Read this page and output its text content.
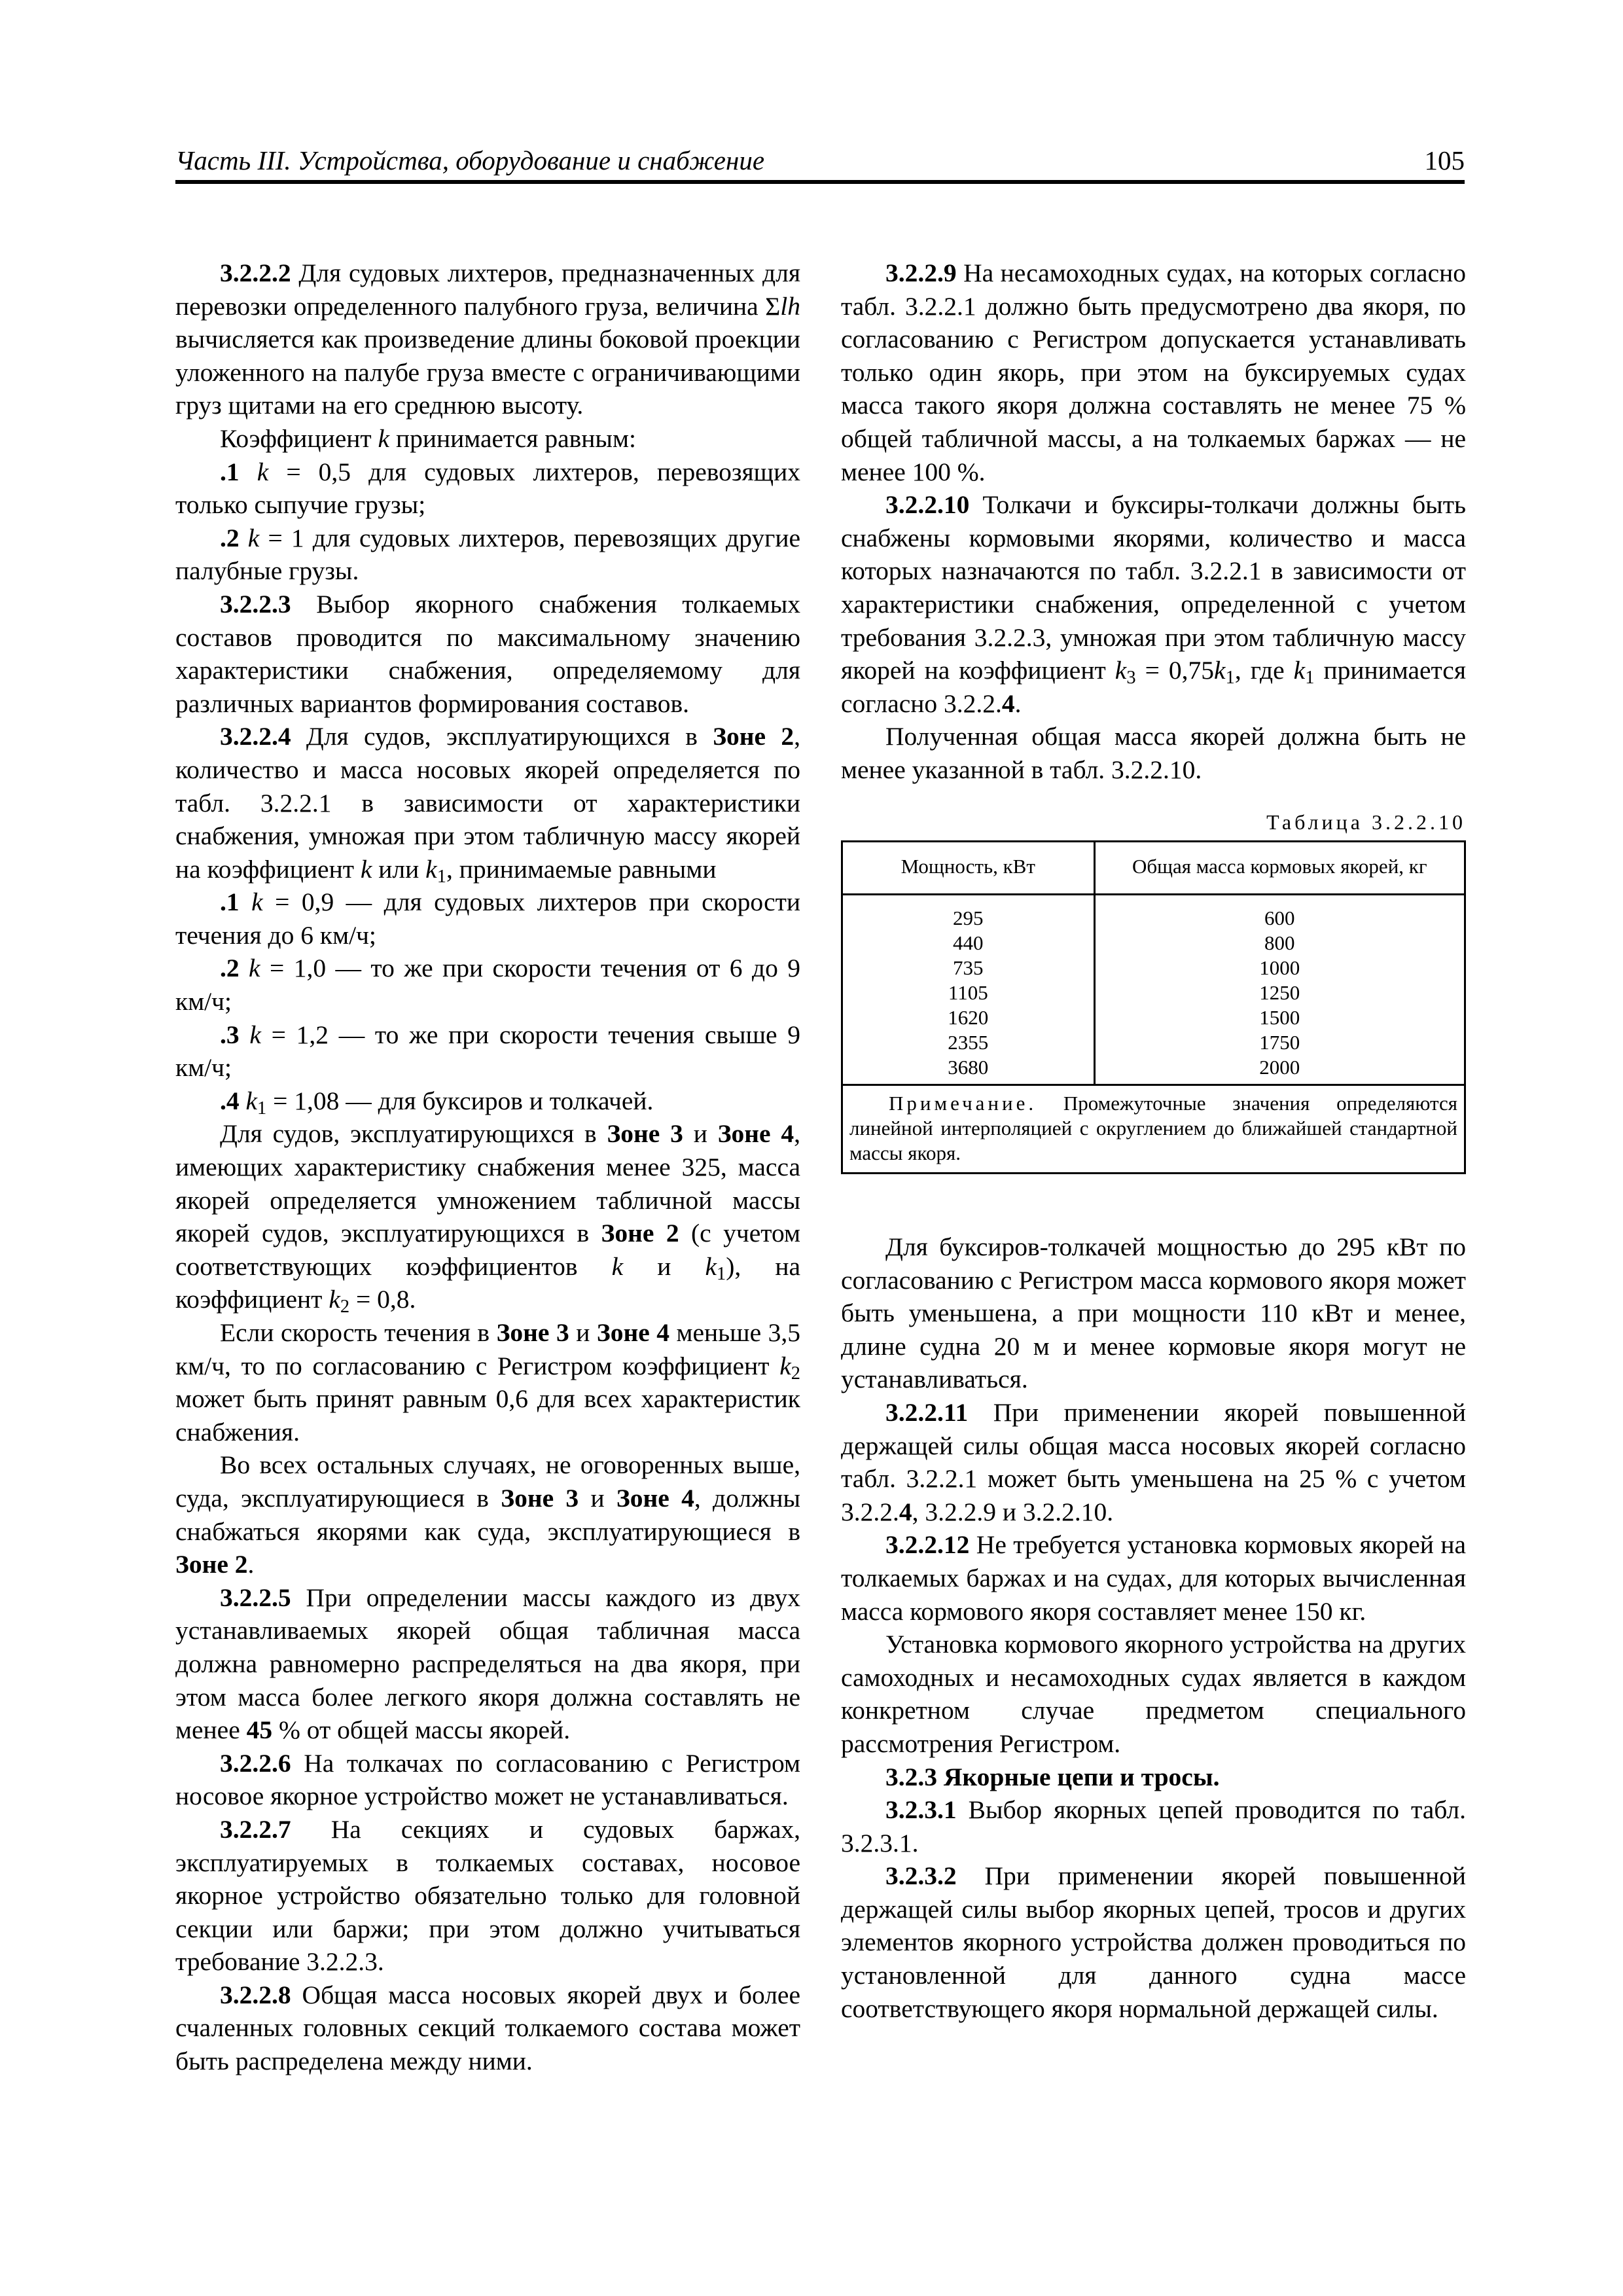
Часть III. Устройства, оборудование и снабжение	105

3.2.2.2 Для судовых лихтеров, предназначенных для перевозки определенного палубного груза, величина Σlh вычисляется как произведение длины боковой проекции уложенного на палубе груза вместе с ограничивающими груз щитами на его среднюю высоту.

Коэффициент k принимается равным:

.1 k = 0,5 для судовых лихтеров, перевозящих только сыпучие грузы;

.2 k = 1 для судовых лихтеров, перевозящих другие палубные грузы.

3.2.2.3 Выбор якорного снабжения толкаемых составов проводится по максимальному значению характеристики снабжения, определяемому для различных вариантов формирования составов.

3.2.2.4 Для судов, эксплуатирующихся в Зоне 2, количество и масса носовых якорей определяется по табл. 3.2.2.1 в зависимости от характеристики снабжения, умножая при этом табличную массу якорей на коэффициент k или $k_1$, принимаемые равными

.1 k = 0,9 — для судовых лихтеров при скорости течения до 6 км/ч;

.2 k = 1,0 — то же при скорости течения от 6 до 9 км/ч;

.3 k = 1,2 — то же при скорости течения свыше 9 км/ч;

.4 $k_1 = 1,08$ — для буксиров и толкачей.

Для судов, эксплуатирующихся в Зоне 3 и Зоне 4, имеющих характеристику снабжения менее 325, масса якорей определяется умножением табличной массы якорей судов, эксплуатирующихся в Зоне 2 (с учетом соответствующих коэффициентов k и $k_1$), на коэффициент $k_2 = 0,8$.

Если скорость течения в Зоне 3 и Зоне 4 меньше 3,5 км/ч, то по согласованию с Регистром коэффициент $k_2$ может быть принят равным 0,6 для всех характеристик снабжения.

Во всех остальных случаях, не оговоренных выше, суда, эксплуатирующиеся в Зоне 3 и Зоне 4, должны снабжаться якорями как суда, эксплуатирующиеся в Зоне 2.

3.2.2.5 При определении массы каждого из двух устанавливаемых якорей общая табличная масса должна равномерно распределяться на два якоря, при этом масса более легкого якоря должна составлять не менее 45 % от общей массы якорей.

3.2.2.6 На толкачах по согласованию с Регистром носовое якорное устройство может не устанавливаться.

3.2.2.7 На секциях и судовых баржах, эксплуатируемых в толкаемых составах, носовое якорное устройство обязательно только для головной секции или баржи; при этом должно учитываться требование 3.2.2.3.

3.2.2.8 Общая масса носовых якорей двух и более счаленных головных секций толкаемого состава может быть распределена между ними.

3.2.2.9 На несамоходных судах, на которых согласно табл. 3.2.2.1 должно быть предусмотрено два якоря, по согласованию с Регистром допускается устанавливать только один якорь, при этом на буксируемых судах масса такого якоря должна составлять не менее 75 % общей табличной массы, а на толкаемых баржах — не менее 100 %.

3.2.2.10 Толкачи и буксиры-толкачи должны быть снабжены кормовыми якорями, количество и масса которых назначаются по табл. 3.2.2.1 в зависимости от характеристики снабжения, определенной с учетом требования 3.2.2.3, умножая при этом табличную массу якорей на коэффициент $k_3 = 0,75k_1$, где $k_1$ принимается согласно 3.2.2.4.

Полученная общая масса якорей должна быть не менее указанной в табл. 3.2.2.10.

Таблица 3.2.2.10
Мощность, кВт	Общая масса кормовых якорей, кг
295	600
440	800
735	1000
1105	1250
1620	1500
2355	1750
3680	2000
Примечание. Промежуточные значения определяются линейной интерполяцией с округлением до ближайшей стандартной массы якоря.	

Для буксиров-толкачей мощностью до 295 кВт по согласованию с Регистром масса кормового якоря может быть уменьшена, а при мощности 110 кВт и менее, длине судна 20 м и менее кормовые якоря могут не устанавливаться.

3.2.2.11 При применении якорей повышенной держащей силы общая масса носовых якорей согласно табл. 3.2.2.1 может быть уменьшена на 25 % с учетом 3.2.2.4, 3.2.2.9 и 3.2.2.10.

3.2.2.12 Не требуется установка кормовых якорей на толкаемых баржах и на судах, для которых вычисленная масса кормового якоря составляет менее 150 кг.

Установка кормового якорного устройства на других самоходных и несамоходных судах является в каждом конкретном случае предметом специального рассмотрения Регистром.

3.2.3 Якорные цепи и тросы.

3.2.3.1 Выбор якорных цепей проводится по табл. 3.2.3.1.

3.2.3.2 При применении якорей повышенной держащей силы выбор якорных цепей, тросов и других элементов якорного устройства должен проводиться по установленной для данного судна массе соответствующего якоря нормальной держащей силы.
